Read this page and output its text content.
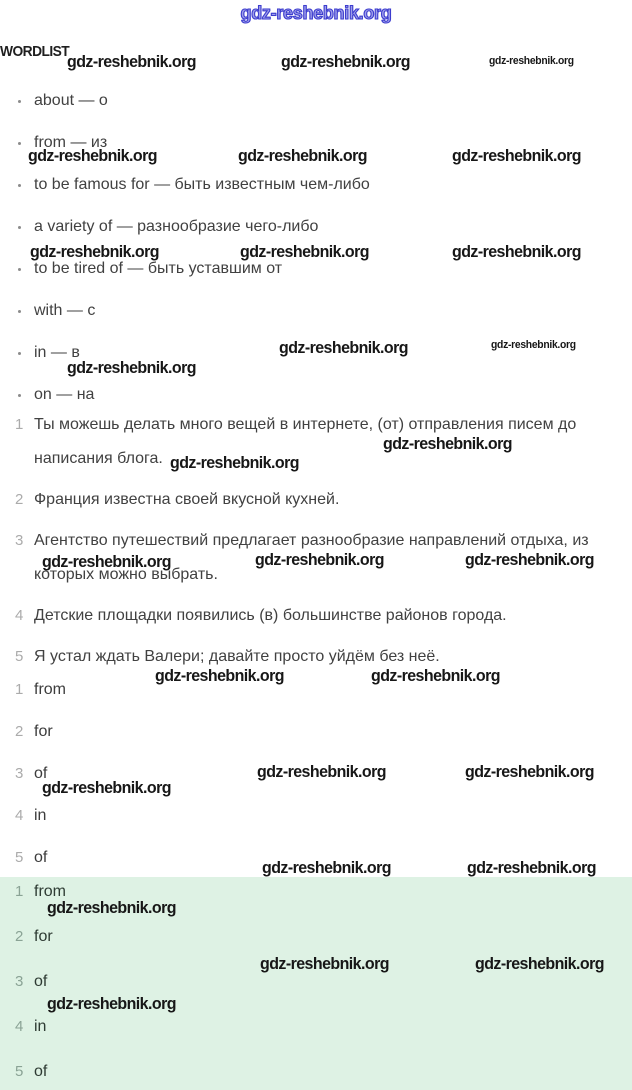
gdz-reshebnik.org
WORDLIST
about — о
from — из
to be famous for — быть известным чем-либо
a variety of — разнообразие чего-либо
to be tired of — быть уставшим от
with — с
in — в
on — на
1 Ты можешь делать много вещей в интернете, (от) отправления писем до написания блога.
2 Франция известна своей вкусной кухней.
3 Агентство путешествий предлагает разнообразие направлений отдыха, из которых можно выбрать.
4 Детские площадки появились (в) большинстве районов города.
5 Я устал ждать Валери; давайте просто уйдём без неё.
1 from
2 for
3 of
4 in
5 of
1 from
2 for
3 of
4 in
5 of
gdz-reshebnik.org	gdz-reshebnik.org	gdz-reshebnik.org
gdz-reshebnik.org	gdz-reshebnik.org	gdz-reshebnik.org
gdz-reshebnik.org	gdz-reshebnik.org	gdz-reshebnik.org
gdz-reshebnik.org	gdz-reshebnik.org
gdz-reshebnik.org
gdz-reshebnik.org
gdz-reshebnik.org
gdz-reshebnik.org	gdz-reshebnik.org	gdz-reshebnik.org
gdz-reshebnik.org	gdz-reshebnik.org
gdz-reshebnik.org	gdz-reshebnik.org
gdz-reshebnik.org
gdz-reshebnik.org	gdz-reshebnik.org
gdz-reshebnik.org
gdz-reshebnik.org	gdz-reshebnik.org
gdz-reshebnik.org
